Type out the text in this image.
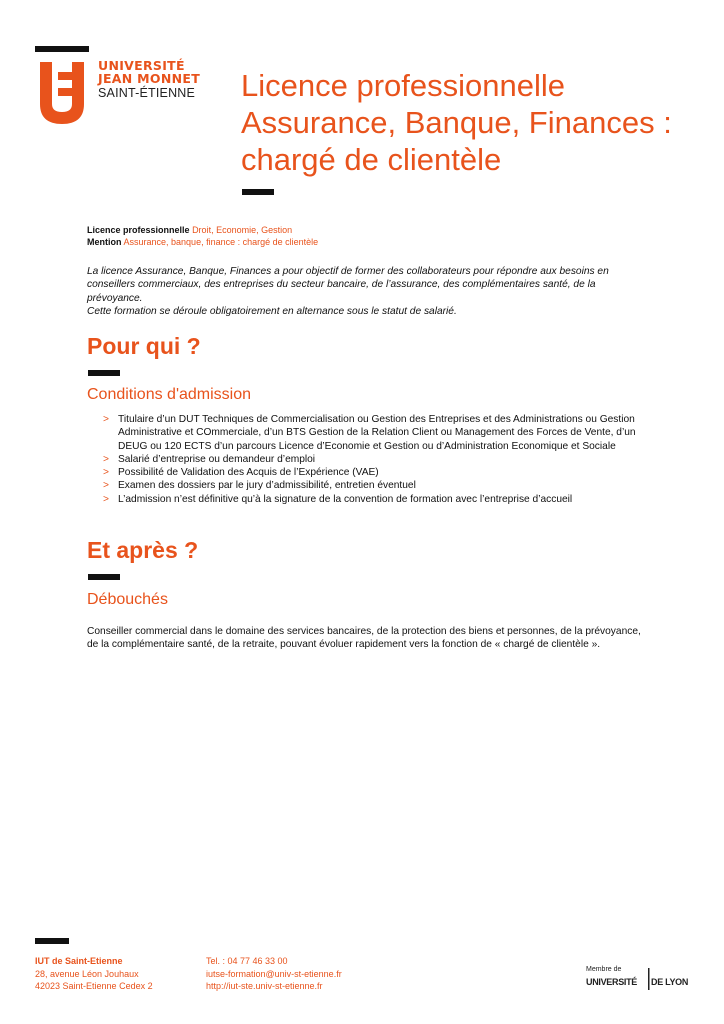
UNIVERSITÉ
JEAN MONNET
SAINT-ÉTIENNE Licence professionnelle
Assurance, Banque, Finances :
chargé de clientèle
Licence professionnelle Droit, Economie, Gestion
Mention Assurance, banque, finance : chargé de clientèle

La licence Assurance, Banque, Finances a pour objectif de former des collaborateurs pour répondre aux besoins en conseillers commerciaux, des entreprises du secteur bancaire, de l’assurance, des complémentaires santé, de la prévoyance.

Cette formation se déroule obligatoirement en alternance sous le statut de salarié.

Pour qui ?
Conditions d'admission
> Titulaire d’un DUT Techniques de Commercialisation ou Gestion des Entreprises et des Administrations ou Gestion Administrative et COmmerciale, d’un BTS Gestion de la Relation Client ou Management des Forces de Vente, d’un DEUG ou 120 ECTS d’un parcours Licence d’Economie et Gestion ou d’Administration Economique et Sociale
> Salarié d’entreprise ou demandeur d’emploi
> Possibilité de Validation des Acquis de l’Expérience (VAE)
> Examen des dossiers par le jury d’admissibilité, entretien éventuel
> L’admission n’est définitive qu’à la signature de la convention de formation avec l’entreprise d’accueil
Et après ?
Débouchés
Conseiller commercial dans le domaine des services bancaires, de la protection des biens et personnes, de la prévoyance, de la complémentaire santé, de la retraite, pouvant évoluer rapidement vers la fonction de « chargé de clientèle ».
IUT de Saint-Etienne
28, avenue Léon Jouhaux
42023 Saint-Etienne Cedex 2
Tel. : 04 77 46 33 00
iutse-formation@univ-st-etienne.fr
http://iut-ste.univ-st-etienne.fr
Membre de
UNIVERSITÉ DE LYON
